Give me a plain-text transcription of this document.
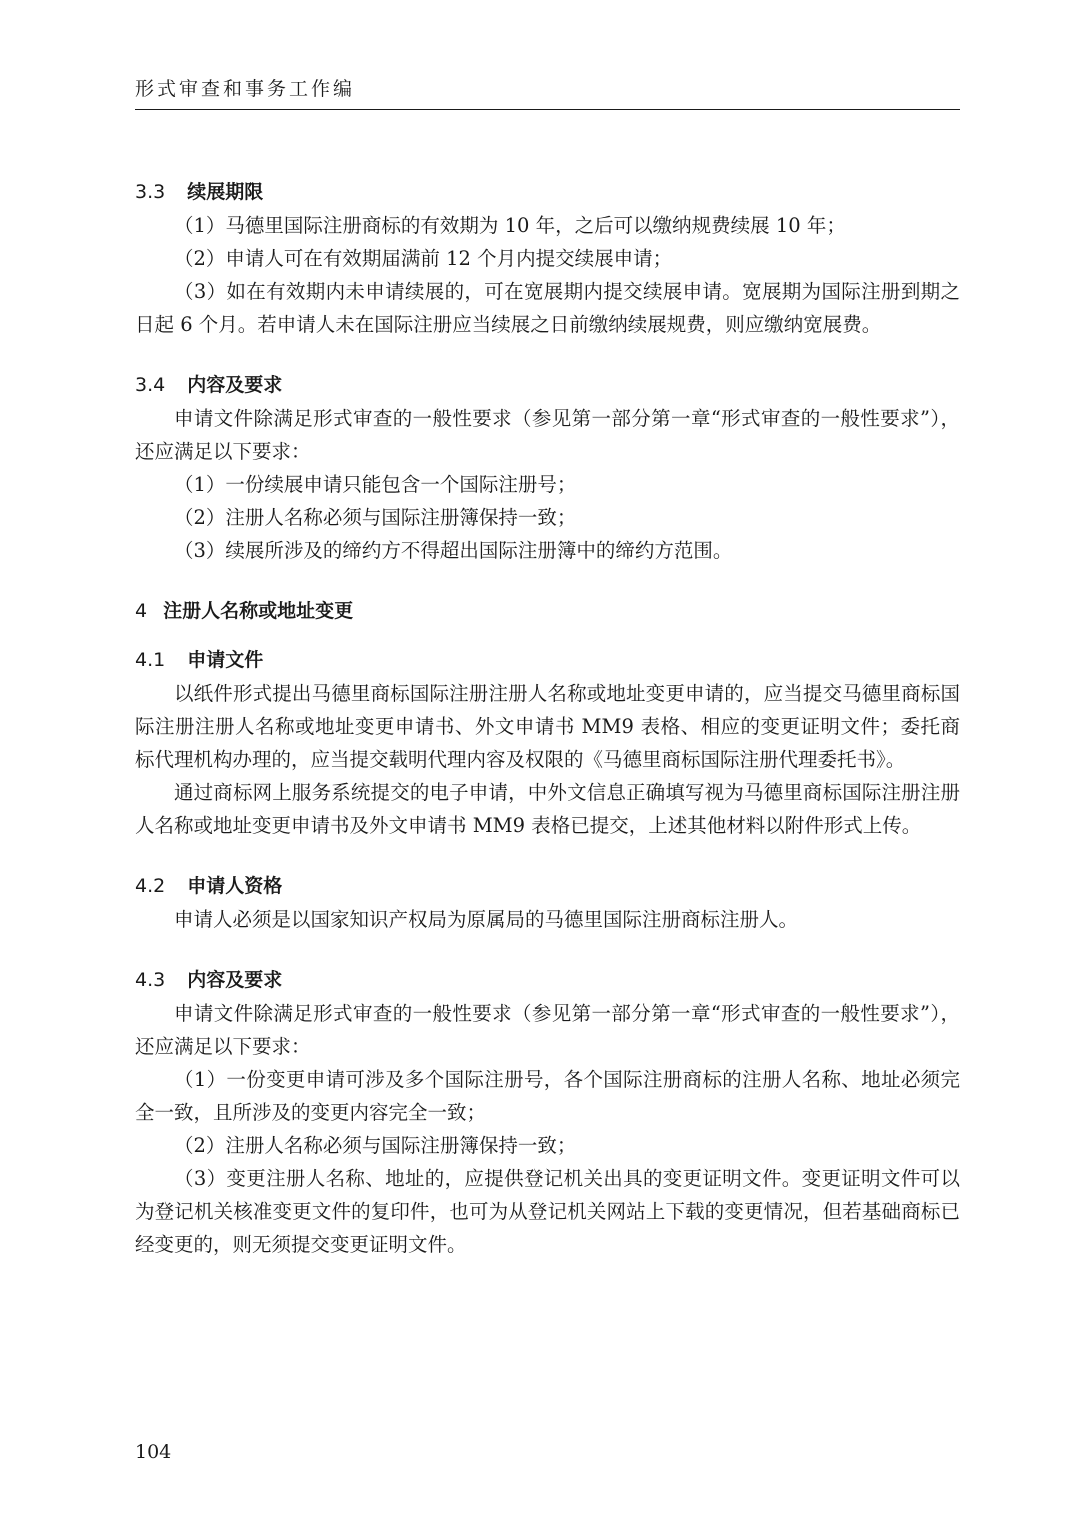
形式审查和事务工作编
3.3 续展期限

（1）马德里国际注册商标的有效期为 10 年，之后可以缴纳规费续展 10 年；

（2）申请人可在有效期届满前 12 个月内提交续展申请；

（3）如在有效期内未申请续展的，可在宽展期内提交续展申请。宽展期为国际注册到期之日起 6 个月。若申请人未在国际注册应当续展之日前缴纳续展规费，则应缴纳宽展费。

3.4 内容及要求

申请文件除满足形式审查的一般性要求（参见第一部分第一章“形式审查的一般性要求”），还应满足以下要求：

（1）一份续展申请只能包含一个国际注册号；

（2）注册人名称必须与国际注册簿保持一致；

（3）续展所涉及的缔约方不得超出国际注册簿中的缔约方范围。

4 注册人名称或地址变更
4.1 申请文件

以纸件形式提出马德里商标国际注册注册人名称或地址变更申请的，应当提交马德里商标国际注册注册人名称或地址变更申请书、外文申请书 MM9 表格、相应的变更证明文件；委托商标代理机构办理的，应当提交载明代理内容及权限的《马德里商标国际注册代理委托书》。

通过商标网上服务系统提交的电子申请，中外文信息正确填写视为马德里商标国际注册注册人名称或地址变更申请书及外文申请书 MM9 表格已提交，上述其他材料以附件形式上传。

4.2 申请人资格

申请人必须是以国家知识产权局为原属局的马德里国际注册商标注册人。

4.3 内容及要求

申请文件除满足形式审查的一般性要求（参见第一部分第一章“形式审查的一般性要求”），还应满足以下要求：

（1）一份变更申请可涉及多个国际注册号，各个国际注册商标的注册人名称、地址必须完全一致，且所涉及的变更内容完全一致；

（2）注册人名称必须与国际注册簿保持一致；

（3）变更注册人名称、地址的，应提供登记机关出具的变更证明文件。变更证明文件可以为登记机关核准变更文件的复印件，也可为从登记机关网站上下载的变更情况，但若基础商标已经变更的，则无须提交变更证明文件。

104
